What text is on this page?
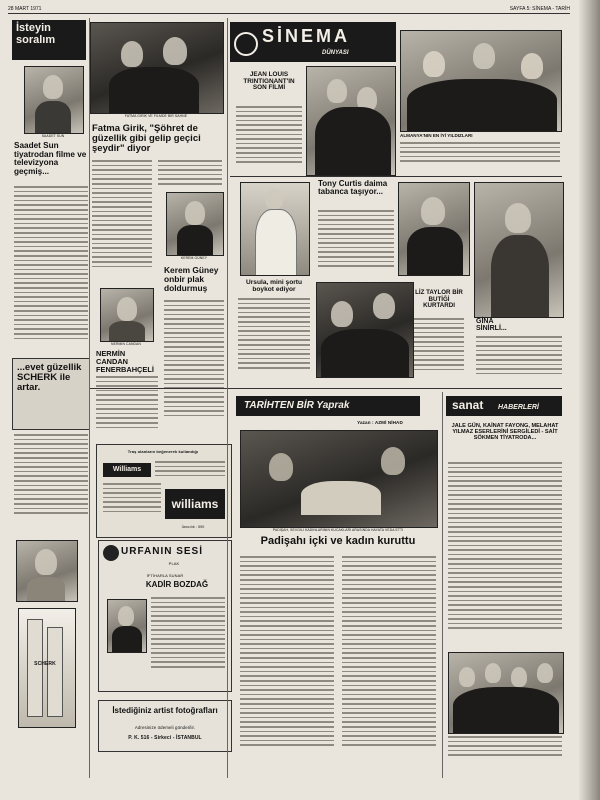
28 MART 1971	SAYFA 5: SİNEMA - TARİH
İsteyin soralım
SAADET SUN
Saadet Sun tiyatrodan filme ve televizyona geçmiş...
...evet güzellik SCHERK ile artar.
SCHERK
FATMA GİRİK VE FİLMDE BİR SAHNE
Fatma Girik, "Şöhret de güzellik gibi gelip geçici şeydir" diyor
KEREM GÜNEY
Kerem Güney onbir plak doldurmuş
NERMİN CANDAN
NERMİN CANDAN FENERBAHÇELİ
SİNEMA
DÜNYASI
JEAN LOUIS TRINTIGNANT'IN SON FİLMİ
ALMANYA'NIN EN İYİ YILDIZLARI
Ursula, mini şortu boykot ediyor
Tony Curtis daima tabanca taşıyor...
LİZ TAYLOR BİR BUTİĞİ KURTARDI
GİNA SİNİRLİ...
Traş olanların beğenerek kullandığı
Williams
williams
İlancılık : 590
URFANIN SESİ
PLAK
İFTİHARLA SUNAR
KADİR BOZDAĞ
İstediğiniz artist fotoğrafları
Adresinize ödemeli gönderilir.
P. K. 516 - Sirkeci - İSTANBUL
TARİHTEN BİR Yaprak
Yazan : AZMİ NİHAD
PADİŞAH, SEVGİLİ KADINLARININ KUCAKLARI ARASINDA HAYATA VEDA ETTİ
Padişahı içki ve kadın kuruttu
sanat HABERLERİ
JALE GÜN, KAİNAT FAYONG, MELAHAT YILMAZ ESERLERİNİ SERGİLEDİ - SAİT SÖKMEN TİYATRODA...
